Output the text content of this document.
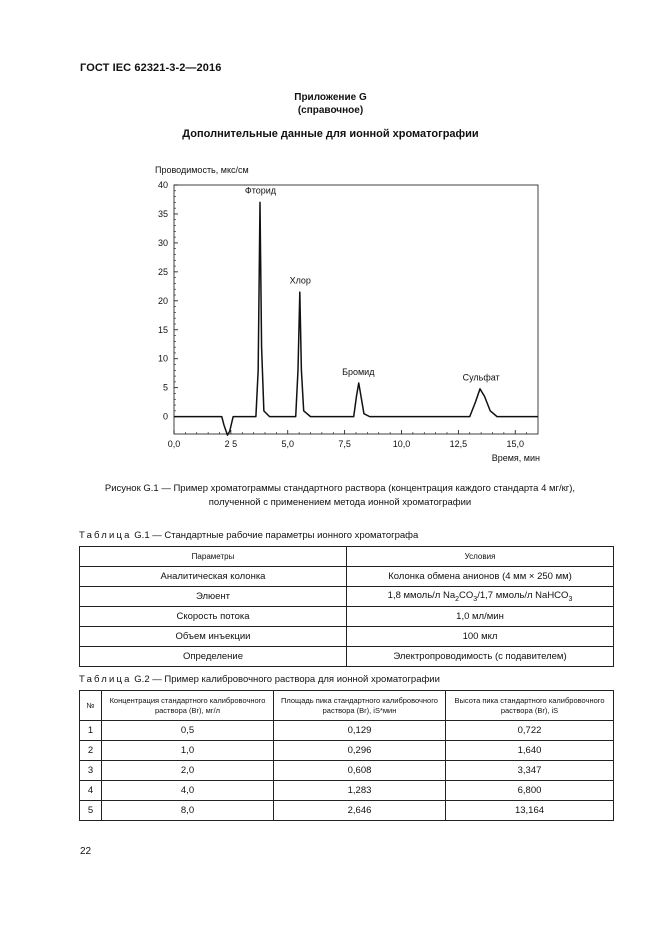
ГОСТ IEC 62321-3-2—2016
Приложение G
(справочное)
Дополнительные данные для ионной хроматографии
0
5
10
15
20
25
30
35
40
0,0	2 5	5,0	7,5	10,0	12,5	15,0
Проводимость, мкс/см
Время, мин
Фторид
Хлор
Бромид
Сульфат
Рисунок G.1 — Пример хроматограммы стандартного раствора (концентрация каждого стандарта 4 мг/кг),
полученной с применением метода ионной хроматографии
Таблица G.1 — Стандартные рабочие параметры ионного хроматографа
Параметры	Условия
Аналитическая колонка	Колонка обмена анионов (4 мм × 250 мм)
Элюент	1,8 ммоль/л $Na_2CO_3/1,7$ ммоль/л NaHCO$_3$
Скорость потока	1,0 мл/мин
Объем инъекции	100 мкл
Определение	Электропроводимость (с подавителем)
Таблица G.2 — Пример калибровочного раствора для ионной хроматографии
№	Концентрация стандартного калибровочного раствора (Br), мг/л	Площадь пика стандартного калибровочного раствора (Br), iS*мин	Высота пика стандартного калибровочного раствора (Br), iS
1	0,5	0,129	0,722
2	1,0	0,296	1,640
3	2,0	0,608	3,347
4	4,0	1,283	6,800
5	8,0	2,646	13,164
22
